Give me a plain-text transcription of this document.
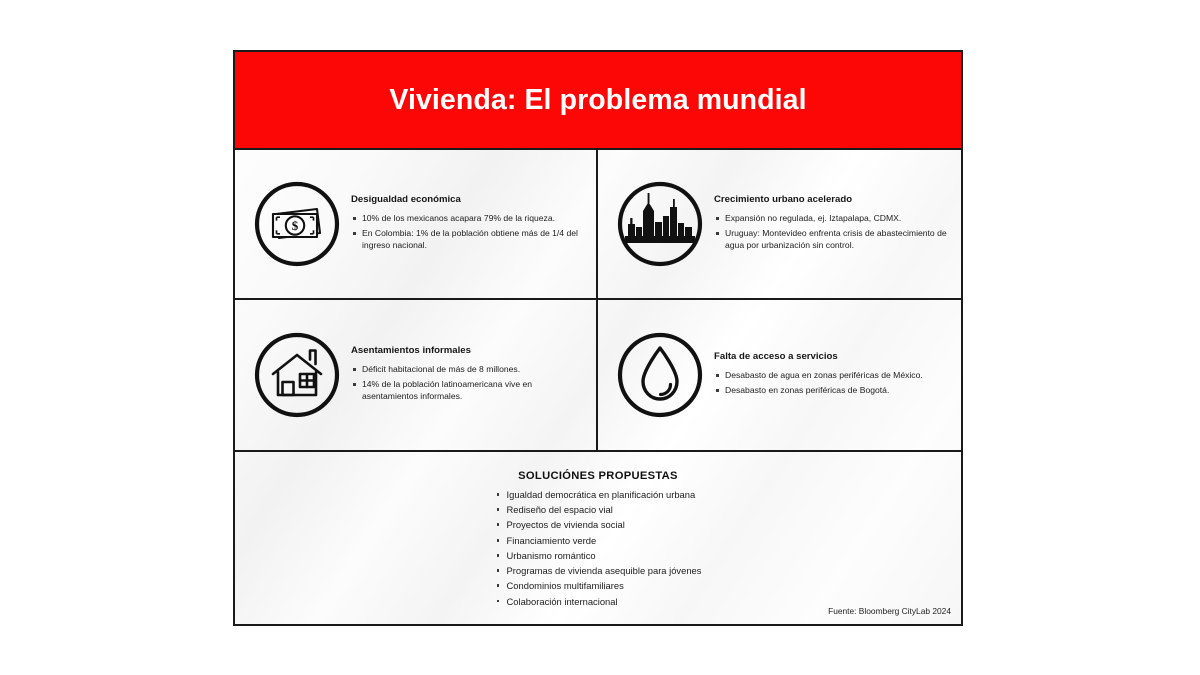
Vivienda: El problema mundial
$

Desigualdad económica

10% de los mexicanos acapara 79% de la riqueza.
En Colombia: 1% de la población obtiene más de 1/4 del ingreso nacional.

Crecimiento urbano acelerado

Expansión no regulada, ej. Iztapalapa, CDMX.
Uruguay: Montevideo enfrenta crisis de abastecimiento de agua por urbanización sin control.

Asentamientos informales

Déficit habitacional de más de 8 millones.
14% de la población latinoamericana vive en asentamientos informales.

Falta de acceso a servicios

Desabasto de agua en zonas periféricas de México.
Desabasto en zonas periféricas de Bogotá.

SOLUCIÓNES PROPUESTAS

Igualdad democrática en planificación urbana
Rediseño del espacio vial
Proyectos de vivienda social
Financiamiento verde
Urbanismo romántico
Programas de vivienda asequible para jóvenes
Condominios multifamiliares
Colaboración internacional
Fuente: Bloomberg CityLab 2024
